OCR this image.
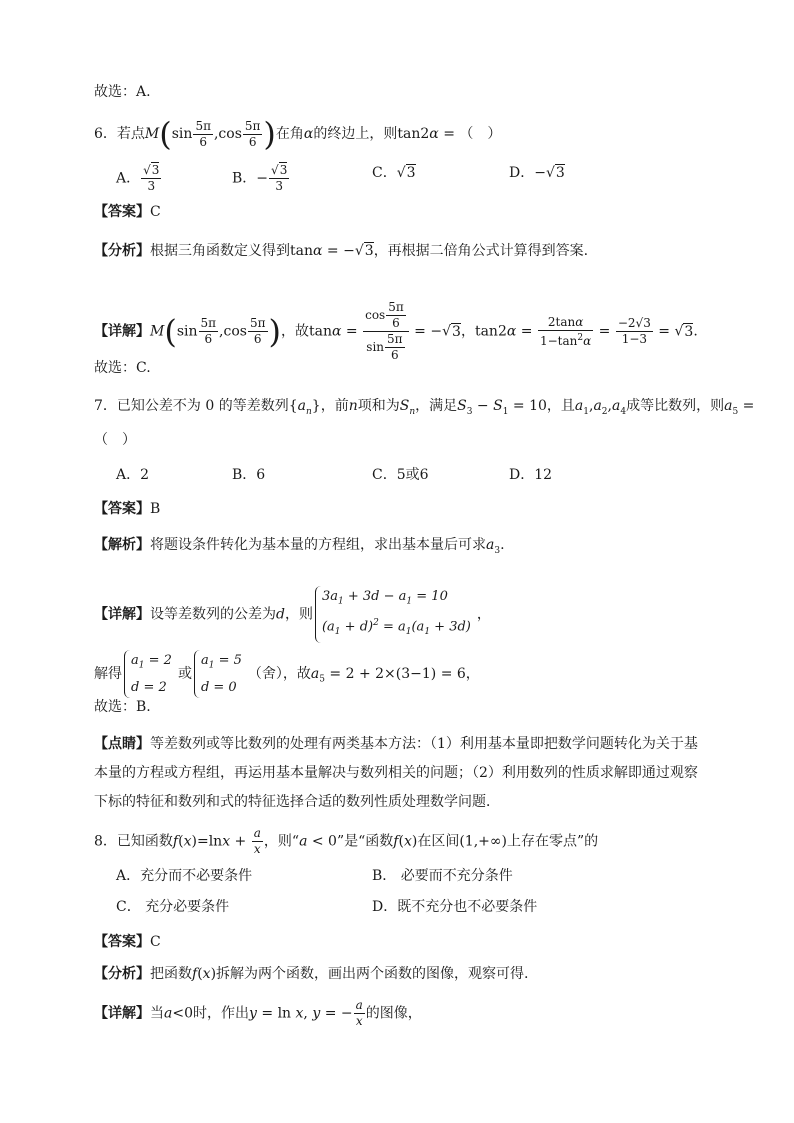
故选：A.
6．若点$M(\sin \frac{5\pi}{6} ,\cos \frac{5\pi}{6}$ )在角α的终边上，则tan2α = （　）
A． $\frac{√3}{3}$	B．− $\frac{√3}{3}$	C．√3	D．−√3
【答案】C
【分析】根据三角函数定义得到tanα = −√3，再根据二倍角公式计算得到答案.
【详解】$M(\sin \frac{5\pi}{6} ,\cos \frac{5\pi}{6}$ )，故$\tan\alpha = \frac{\cos \frac{5\pi}{6}}{\sin \frac{5\pi}{6}} = -√3$，$\tan 2\alpha = \frac{2\tan\alpha}{1-\tan^2\alpha} = \frac{-2√3}{1-3} = √3$.
故选：C.
7．已知公差不为 0 的等差数列$\{a_n\}$，前n项和为$S_n$，满足$S_3 - S_1 = 10$，且$a_1,a_2,a_4$成等比数列，则$a_5$ =
（　）
A．2	B．6	C．5或6	D．12
【答案】B
【解析】将题设条件转化为基本量的方程组，求出基本量后可求$a_3$.
【详解】设等差数列的公差为d，则
$3a_1 + 3d - a_1 = 10$
$(a_1 + d)^2 = a_1(a_1 + 3d)$
，
解得
$a_1 = 2$
d = 2
或
$a_1 = 5$
d = 0
（舍），故$a_5 = 2 + 2\times(3-1) = 6$，
故选：B.
【点睛】等差数列或等比数列的处理有两类基本方法：（1）利用基本量即把数学问题转化为关于基
本量的方程或方程组，再运用基本量解决与数列相关的问题；（2）利用数列的性质求解即通过观察
下标的特征和数列和式的特征选择合适的数列性质处理数学问题．
8．已知函数$f(x)=\ln x + \frac{a}{x}$ ，则“a < 0”是“函数f(x)在区间(1,+∞)上存在零点”的
A．充分而不必要条件	B． 必要而不充分条件
C． 充分必要条件	D．既不充分也不必要条件
【答案】C
【分析】把函数f(x)拆解为两个函数，画出两个函数的图像，观察可得.
【详解】当a<0时，作出y = ln x, y = − $\frac{a}{x}$ 的图像，
